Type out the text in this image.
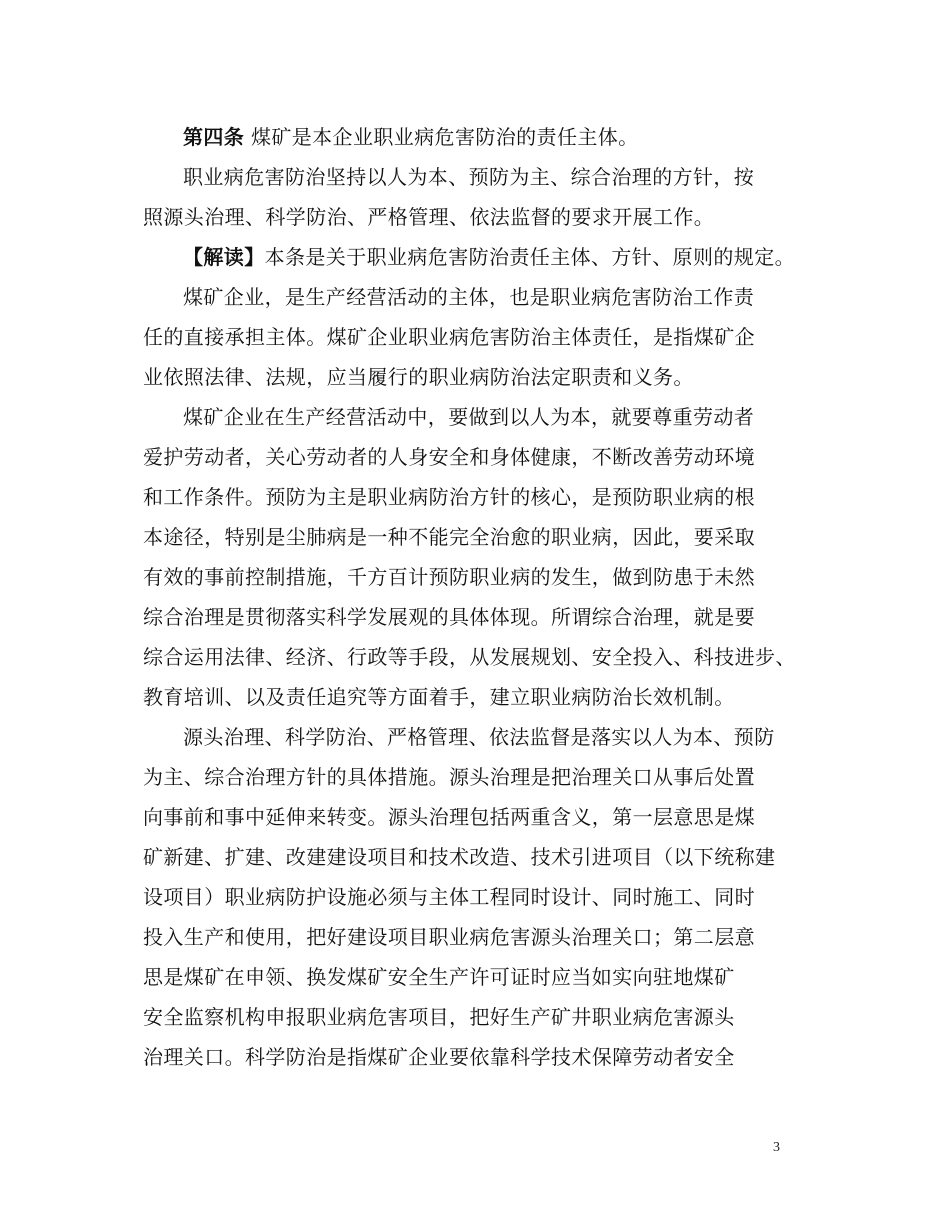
第四条 煤矿是本企业职业病危害防治的责任主体。
职业病危害防治坚持以人为本、预防为主、综合治理的方针，按
照源头治理、科学防治、严格管理、依法监督的要求开展工作。
【解读】本条是关于职业病危害防治责任主体、方针、原则的规定。
煤矿企业，是生产经营活动的主体，也是职业病危害防治工作责
任的直接承担主体。煤矿企业职业病危害防治主体责任，是指煤矿企
业依照法律、法规，应当履行的职业病防治法定职责和义务。
煤矿企业在生产经营活动中，要做到以人为本，就要尊重劳动者
爱护劳动者，关心劳动者的人身安全和身体健康，不断改善劳动环境
和工作条件。预防为主是职业病防治方针的核心，是预防职业病的根
本途径，特别是尘肺病是一种不能完全治愈的职业病，因此，要采取
有效的事前控制措施，千方百计预防职业病的发生，做到防患于未然
综合治理是贯彻落实科学发展观的具体体现。所谓综合治理，就是要
综合运用法律、经济、行政等手段，从发展规划、安全投入、科技进步、
教育培训、以及责任追究等方面着手，建立职业病防治长效机制。
源头治理、科学防治、严格管理、依法监督是落实以人为本、预防
为主、综合治理方针的具体措施。源头治理是把治理关口从事后处置
向事前和事中延伸来转变。源头治理包括两重含义，第一层意思是煤
矿新建、扩建、改建建设项目和技术改造、技术引进项目（以下统称建
设项目）职业病防护设施必须与主体工程同时设计、同时施工、同时
投入生产和使用，把好建设项目职业病危害源头治理关口；第二层意
思是煤矿在申领、换发煤矿安全生产许可证时应当如实向驻地煤矿
安全监察机构申报职业病危害项目，把好生产矿井职业病危害源头
治理关口。科学防治是指煤矿企业要依靠科学技术保障劳动者安全
3
